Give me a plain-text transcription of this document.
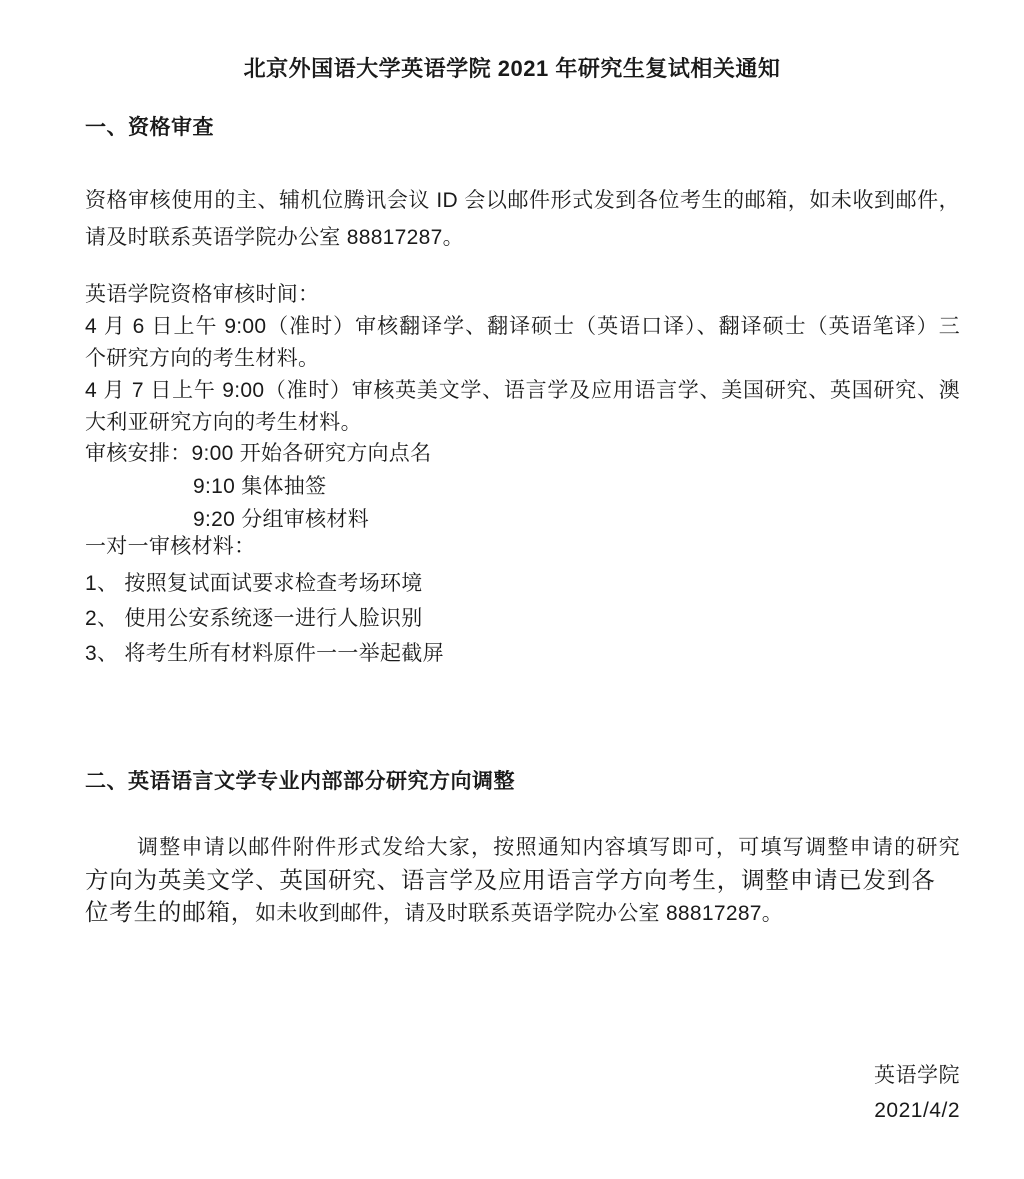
北京外国语大学英语学院 2021 年研究生复试相关通知
一、资格审查
资格审核使用的主、辅机位腾讯会议 ID 会以邮件形式发到各位考生的邮箱，如未收到邮件，
请及时联系英语学院办公室 88817287。
英语学院资格审核时间：
4 月 6 日上午 9:00（准时）审核翻译学、翻译硕士（英语口译）、翻译硕士（英语笔译）三
个研究方向的考生材料。
4 月 7 日上午 9:00（准时）审核英美文学、语言学及应用语言学、美国研究、英国研究、澳
大利亚研究方向的考生材料。
审核安排：9:00 开始各研究方向点名
9:10 集体抽签
9:20 分组审核材料
一对一审核材料：
1、 按照复试面试要求检查考场环境
2、 使用公安系统逐一进行人脸识别
3、 将考生所有材料原件一一举起截屏
二、英语语言文学专业内部部分研究方向调整
调整申请以邮件附件形式发给大家，按照通知内容填写即可，可填写调整申请的研究
方向为英美文学、英国研究、语言学及应用语言学方向考生，调整申请已发到各
位考生的邮箱，如未收到邮件，请及时联系英语学院办公室 88817287。
英语学院
2021/4/2
